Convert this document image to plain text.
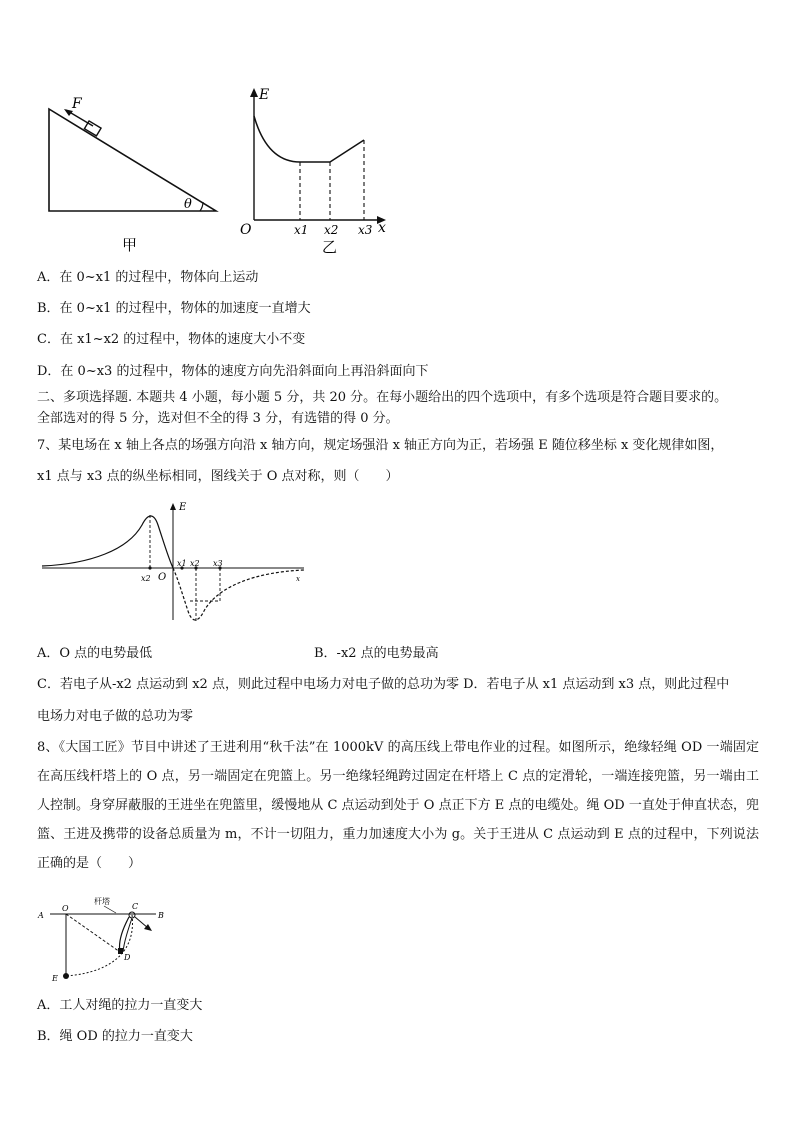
F
θ
甲
E
x
O	x1 x2 x3
乙
A．在 0~x1 的过程中，物体向上运动
B．在 0~x1 的过程中，物体的加速度一直增大
C．在 x1~x2 的过程中，物体的速度大小不变
D．在 0~x3 的过程中，物体的速度方向先沿斜面向上再沿斜面向下
二、多项选择题. 本题共 4 小题，每小题 5 分，共 20 分。在每小题给出的四个选项中，有多个选项是符合题目要求的。
全部选对的得 5 分，选对但不全的得 3 分，有选错的得 0 分。
7、某电场在 x 轴上各点的场强方向沿 x 轴方向，规定场强沿 x 轴正方向为正，若场强 E 随位移坐标 x 变化规律如图，
x1 点与 x3 点的纵坐标相同，图线关于 O 点对称，则（　　）
E
O	x
x2
x1 x2 x3
A．O 点的电势最低	B．-x2 点的电势最高
C．若电子从-x2 点运动到 x2 点，则此过程中电场力对电子做的总功为零 D．若电子从 x1 点运动到 x3 点，则此过程中
电场力对电子做的总功为零
8、《大国工匠》节目中讲述了王进利用“秋千法”在 1000kV 的高压线上带电作业的过程。如图所示，绝缘轻绳 OD 一端固定在高压线杆塔上的 O 点，另一端固定在兜篮上。另一绝缘轻绳跨过固定在杆塔上 C 点的定滑轮，一端连接兜篮，另一端由工人控制。身穿屏蔽服的王进坐在兜篮里，缓慢地从 C 点运动到处于 O 点正下方 E 点的电缆处。绳 OD 一直处于伸直状态，兜篮、王进及携带的设备总质量为 m，不计一切阻力，重力加速度大小为 g。关于王进从 C 点运动到 E 点的过程中，下列说法正确的是（　　）
A
O
杆塔
C
B
D
E
A．工人对绳的拉力一直变大
B．绳 OD 的拉力一直变大
